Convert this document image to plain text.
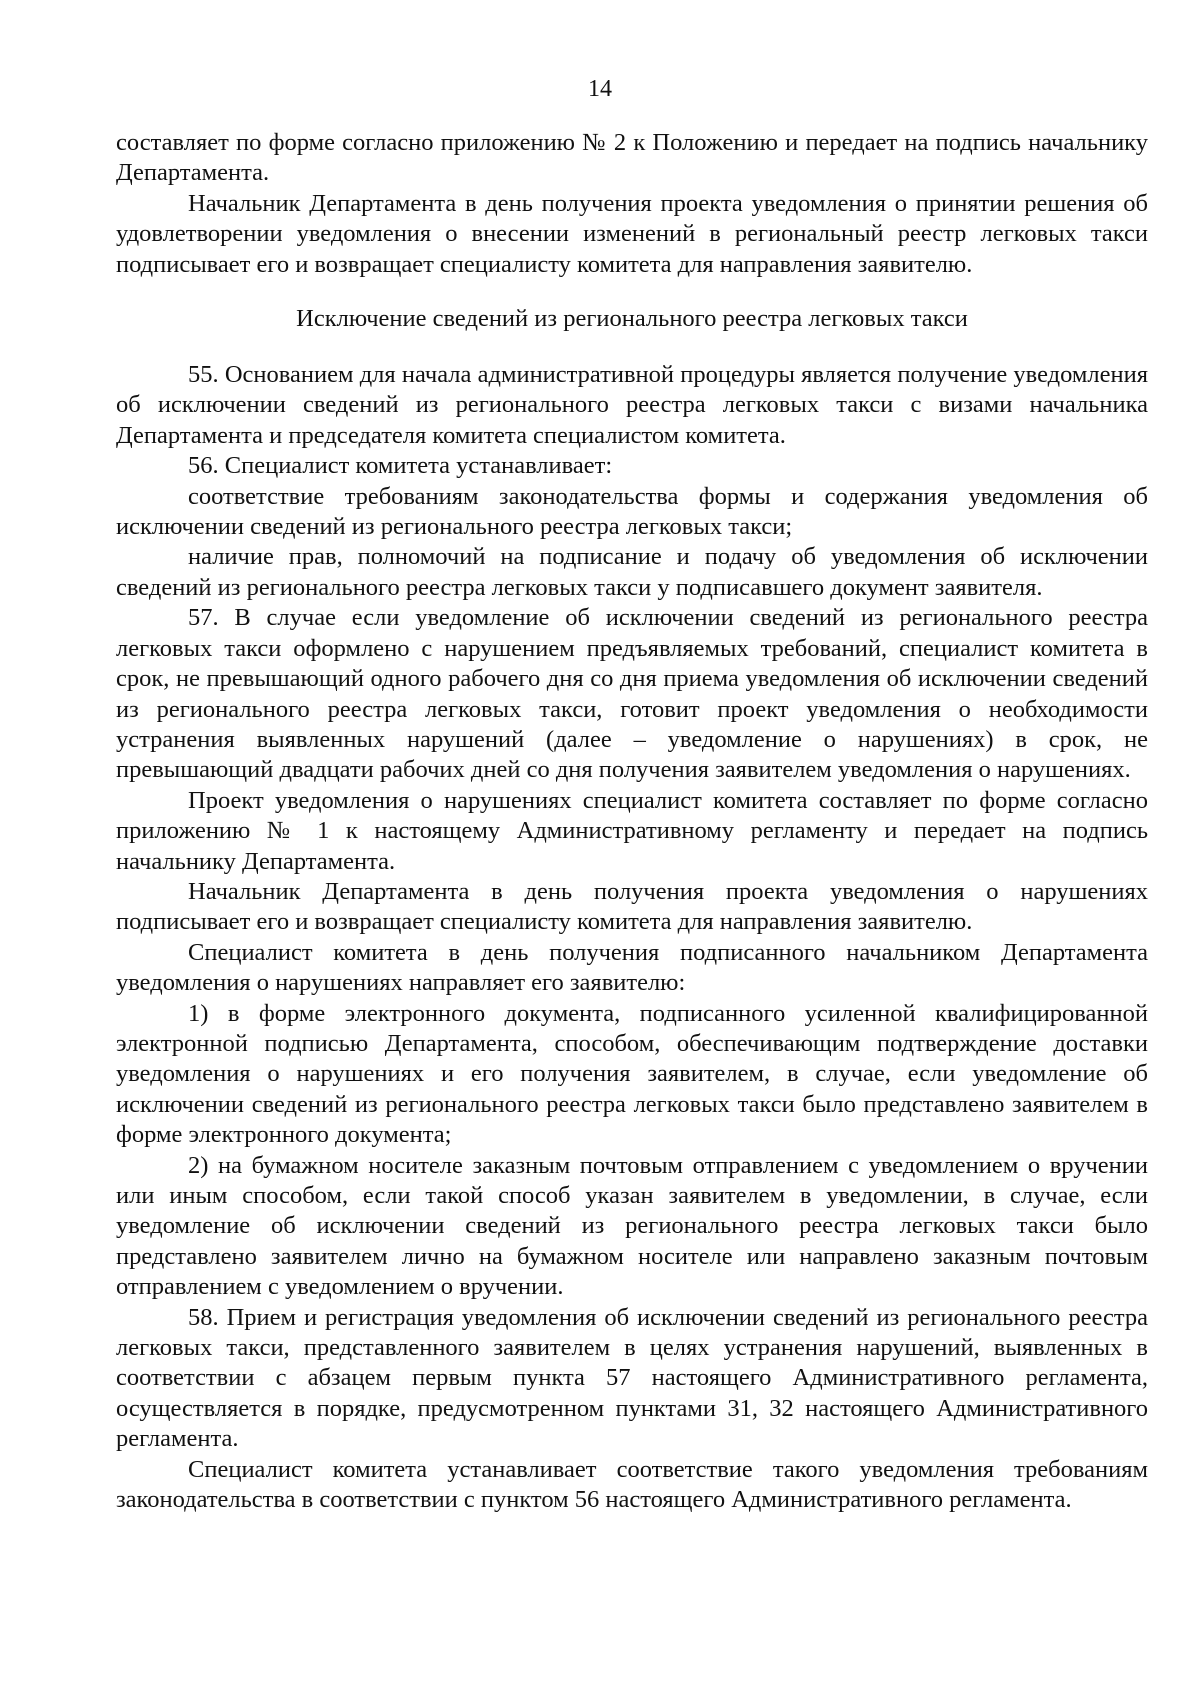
14

составляет по форме согласно приложению № 2 к Положению и передает на подпись начальнику Департамента.

Начальник Департамента в день получения проекта уведомления о принятии решения об удовлетворении уведомления о внесении изменений в региональный реестр легковых такси подписывает его и возвращает специалисту комитета для направления заявителю.

Исключение сведений из регионального реестра легковых такси

55. Основанием для начала административной процедуры является получение уведомления об исключении сведений из регионального реестра легковых такси с визами начальника Департамента и председателя комитета специалистом комитета.

56. Специалист комитета устанавливает:

соответствие требованиям законодательства формы и содержания уведомления об исключении сведений из регионального реестра легковых такси;

наличие прав, полномочий на подписание и подачу об уведомления об исключении сведений из регионального реестра легковых такси у подписавшего документ заявителя.

57. В случае если уведомление об исключении сведений из регионального реестра легковых такси оформлено с нарушением предъявляемых требований, специалист комитета в срок, не превышающий одного рабочего дня со дня приема уведомления об исключении сведений из регионального реестра легковых такси, готовит проект уведомления о необходимости устранения выявленных нарушений (далее – уведомление о нарушениях) в срок, не превышающий двадцати рабочих дней со дня получения заявителем уведомления о нарушениях.

Проект уведомления о нарушениях специалист комитета составляет по форме согласно приложению № 1 к настоящему Административному регламенту и передает на подпись начальнику Департамента.

Начальник Департамента в день получения проекта уведомления о нарушениях подписывает его и возвращает специалисту комитета для направления заявителю.

Специалист комитета в день получения подписанного начальником Департамента уведомления о нарушениях направляет его заявителю:

1) в форме электронного документа, подписанного усиленной квалифицированной электронной подписью Департамента, способом, обеспечивающим подтверждение доставки уведомления о нарушениях и его получения заявителем, в случае, если уведомление об исключении сведений из регионального реестра легковых такси было представлено заявителем в форме электронного документа;

2) на бумажном носителе заказным почтовым отправлением с уведомлением о вручении или иным способом, если такой способ указан заявителем в уведомлении, в случае, если уведомление об исключении сведений из регионального реестра легковых такси было представлено заявителем лично на бумажном носителе или направлено заказным почтовым отправлением с уведомлением о вручении.

58. Прием и регистрация уведомления об исключении сведений из регионального реестра легковых такси, представленного заявителем в целях устранения нарушений, выявленных в соответствии с абзацем первым пункта 57 настоящего Административного регламента, осуществляется в порядке, предусмотренном пунктами 31, 32 настоящего Административного регламента.

Специалист комитета устанавливает соответствие такого уведомления требованиям законодательства в соответствии с пунктом 56 настоящего Административного регламента.
